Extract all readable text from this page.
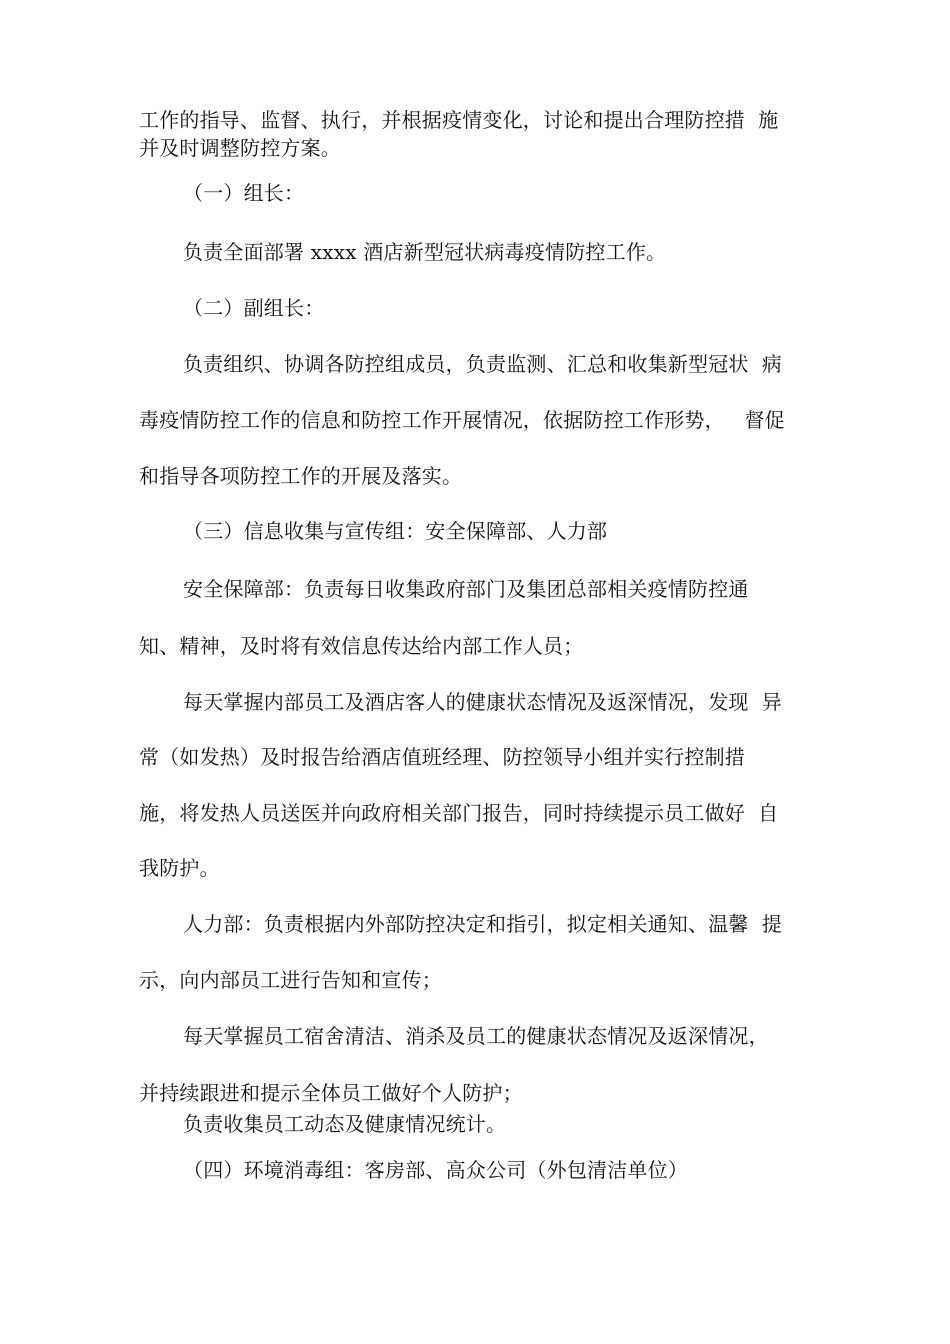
工作的指导、监督、执行，并根据疫情变化，讨论和提出合理防控措  施
并及时调整防控方案。
（一）组长：
负责全面部署 xxxx 酒店新型冠状病毒疫情防控工作。
（二）副组长：
负责组织、协调各防控组成员，负责监测、汇总和收集新型冠状  病
毒疫情防控工作的信息和防控工作开展情况，依据防控工作形势，   督促
和指导各项防控工作的开展及落实。
（三）信息收集与宣传组：安全保障部、人力部
安全保障部：负责每日收集政府部门及集团总部相关疫情防控通
知、精神，及时将有效信息传达给内部工作人员；
每天掌握内部员工及酒店客人的健康状态情况及返深情况，发现  异
常（如发热）及时报告给酒店值班经理、防控领导小组并实行控制措
施，将发热人员送医并向政府相关部门报告，同时持续提示员工做好  自
我防护。
人力部：负责根据内外部防控决定和指引，拟定相关通知、温馨  提
示，向内部员工进行告知和宣传；
每天掌握员工宿舍清洁、消杀及员工的健康状态情况及返深情况，
并持续跟进和提示全体员工做好个人防护；
负责收集员工动态及健康情况统计。
（四）环境消毒组：客房部、高众公司（外包清洁单位）
